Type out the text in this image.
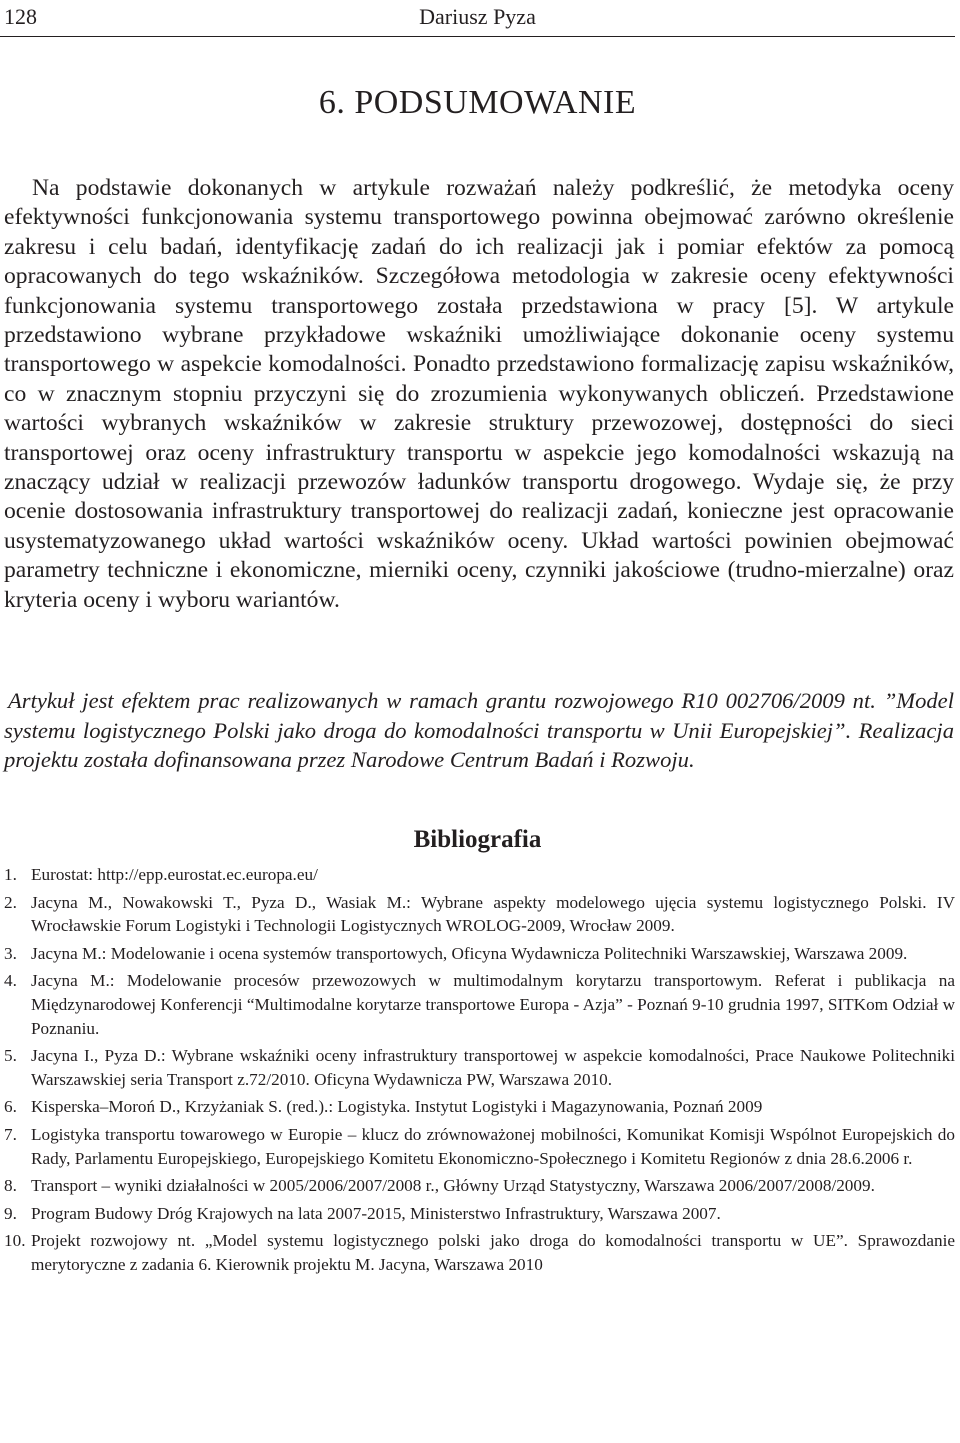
128	Dariusz Pyza
6. PODSUMOWANIE

Na podstawie dokonanych w artykule rozważań należy podkreślić, że metodyka oceny efektywności funkcjonowania systemu transportowego powinna obejmować zarówno określenie zakresu i celu badań, identyfikację zadań do ich realizacji jak i pomiar efektów za pomocą opracowanych do tego wskaźników. Szczegółowa metodologia w zakresie oceny efektywności funkcjonowania systemu transportowego została przedstawiona w pracy [5]. W artykule przedstawiono wybrane przykładowe wskaźniki umożliwiające dokonanie oceny systemu transportowego w aspekcie komodalności. Ponadto przedstawiono formalizację zapisu wskaźników, co w znacznym stopniu przyczyni się do zrozumienia wykonywanych obliczeń. Przedstawione wartości wybranych wskaźników w zakresie struktury przewozowej, dostępności do sieci transportowej oraz oceny infrastruktury transportu w aspekcie jego komodalności wskazują na znaczący udział w realizacji przewozów ładunków transportu drogowego. Wydaje się, że przy ocenie dostosowania infrastruktury transportowej do realizacji zadań, konieczne jest opracowanie usystematyzowanego układ wartości wskaźników oceny. Układ wartości powinien obejmować parametry techniczne i ekonomiczne, mierniki oceny, czynniki jakościowe (trudno-mierzalne) oraz kryteria oceny i wyboru wariantów.

Artykuł jest efektem prac realizowanych w ramach grantu rozwojowego R10 002706/2009 nt. ”Model systemu logistycznego Polski jako droga do komodalności transportu w Unii Europejskiej”. Realizacja projektu została dofinansowana przez Narodowe Centrum Badań i Rozwoju.

Bibliografia
1. Eurostat: http://epp.eurostat.ec.europa.eu/
2. Jacyna M., Nowakowski T., Pyza D., Wasiak M.: Wybrane aspekty modelowego ujęcia systemu logistycznego Polski. IV Wrocławskie Forum Logistyki i Technologii Logistycznych WROLOG-2009, Wrocław 2009.
3. Jacyna M.: Modelowanie i ocena systemów transportowych, Oficyna Wydawnicza Politechniki Warszawskiej, Warszawa 2009.
4. Jacyna M.: Modelowanie procesów przewozowych w multimodalnym korytarzu transportowym. Referat i publikacja na Międzynarodowej Konferencji “Multimodalne korytarze transportowe Europa - Azja” - Poznań 9-10 grudnia 1997, SITKom Odział w Poznaniu.
5. Jacyna I., Pyza D.: Wybrane wskaźniki oceny infrastruktury transportowej w aspekcie komodalności, Prace Naukowe Politechniki Warszawskiej seria Transport z.72/2010. Oficyna Wydawnicza PW, Warszawa 2010.
6. Kisperska–Moroń D., Krzyżaniak S. (red.).: Logistyka. Instytut Logistyki i Magazynowania, Poznań 2009
7. Logistyka transportu towarowego w Europie – klucz do zrównoważonej mobilności, Komunikat Komisji Wspólnot Europejskich do Rady, Parlamentu Europejskiego, Europejskiego Komitetu Ekonomiczno-Społecznego i Komitetu Regionów z dnia 28.6.2006 r.
8. Transport – wyniki działalności w 2005/2006/2007/2008 r., Główny Urząd Statystyczny, Warszawa 2006/2007/2008/2009.
9. Program Budowy Dróg Krajowych na lata 2007-2015, Ministerstwo Infrastruktury, Warszawa 2007.
10. Projekt rozwojowy nt. „Model systemu logistycznego polski jako droga do komodalności transportu w UE”. Sprawozdanie merytoryczne z zadania 6. Kierownik projektu M. Jacyna, Warszawa 2010
